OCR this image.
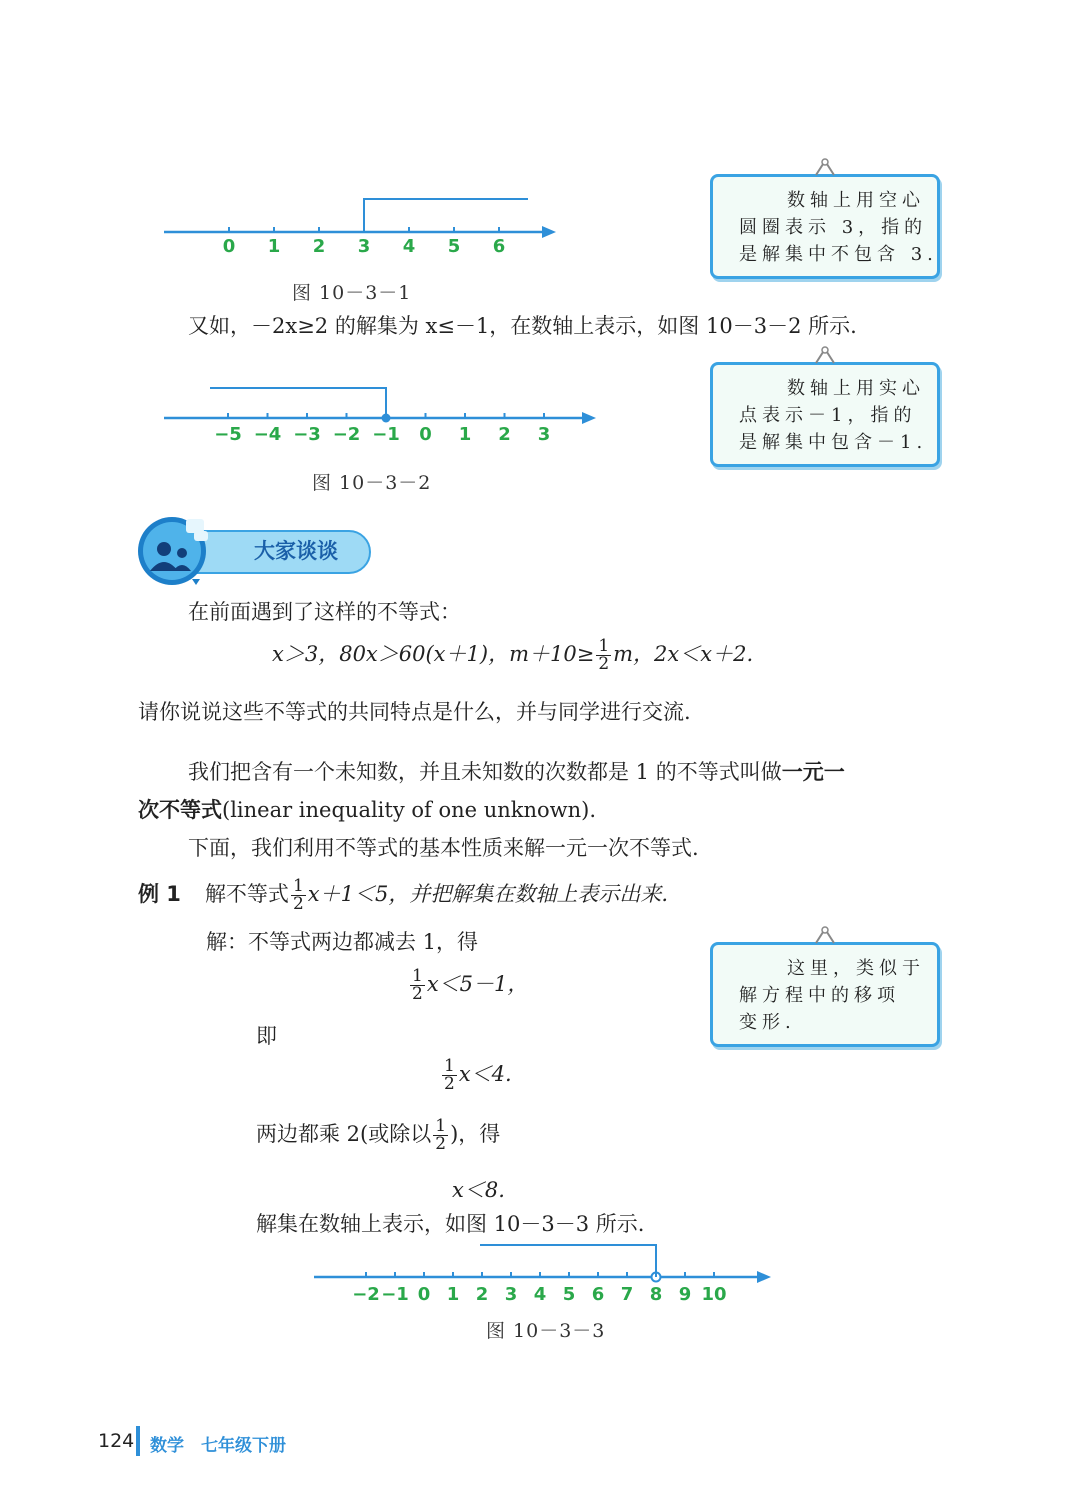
0 1 2 3 4 5 6
图 10－3－1

数轴上用空心

圆圈表示 3，指的

是解集中不包含 3.

又如，－2x≥2 的解集为 x≤－1，在数轴上表示，如图 10－3－2 所示.
−5 −4 −3 −2 −1 0 1 2 3
图 10－3－2

数轴上用实心

点表示－1，指的

是解集中包含－1.

大家谈谈
在前面遇到了这样的不等式：
x＞3，80x＞60(x＋1)，$m+10\ge \frac{1}{2}$ m，2x＜x＋2.
请你说说这些不等式的共同特点是什么，并与同学进行交流.
我们把含有一个未知数，并且未知数的次数都是 1 的不等式叫做一元一
次不等式(linear inequality of one unknown).
下面，我们利用不等式的基本性质来解一元一次不等式.
例 1 解不等式 $\frac{1}{2} x+1<5$，并把解集在数轴上表示出来.
解：不等式两边都减去 1，得

这里，类似于

解方程中的移项

变形.

$\frac{1}{2} x<5-1$，
即
$\frac{1}{2} x<4$.
两边都乘 2(或除以 $\frac{1}{2}$ )，得
x＜8.
解集在数轴上表示，如图 10－3－3 所示.
−2 −1 0 1 2 3 4 5 6 7 8 9 10
图 10－3－3
124 数学　七年级下册
